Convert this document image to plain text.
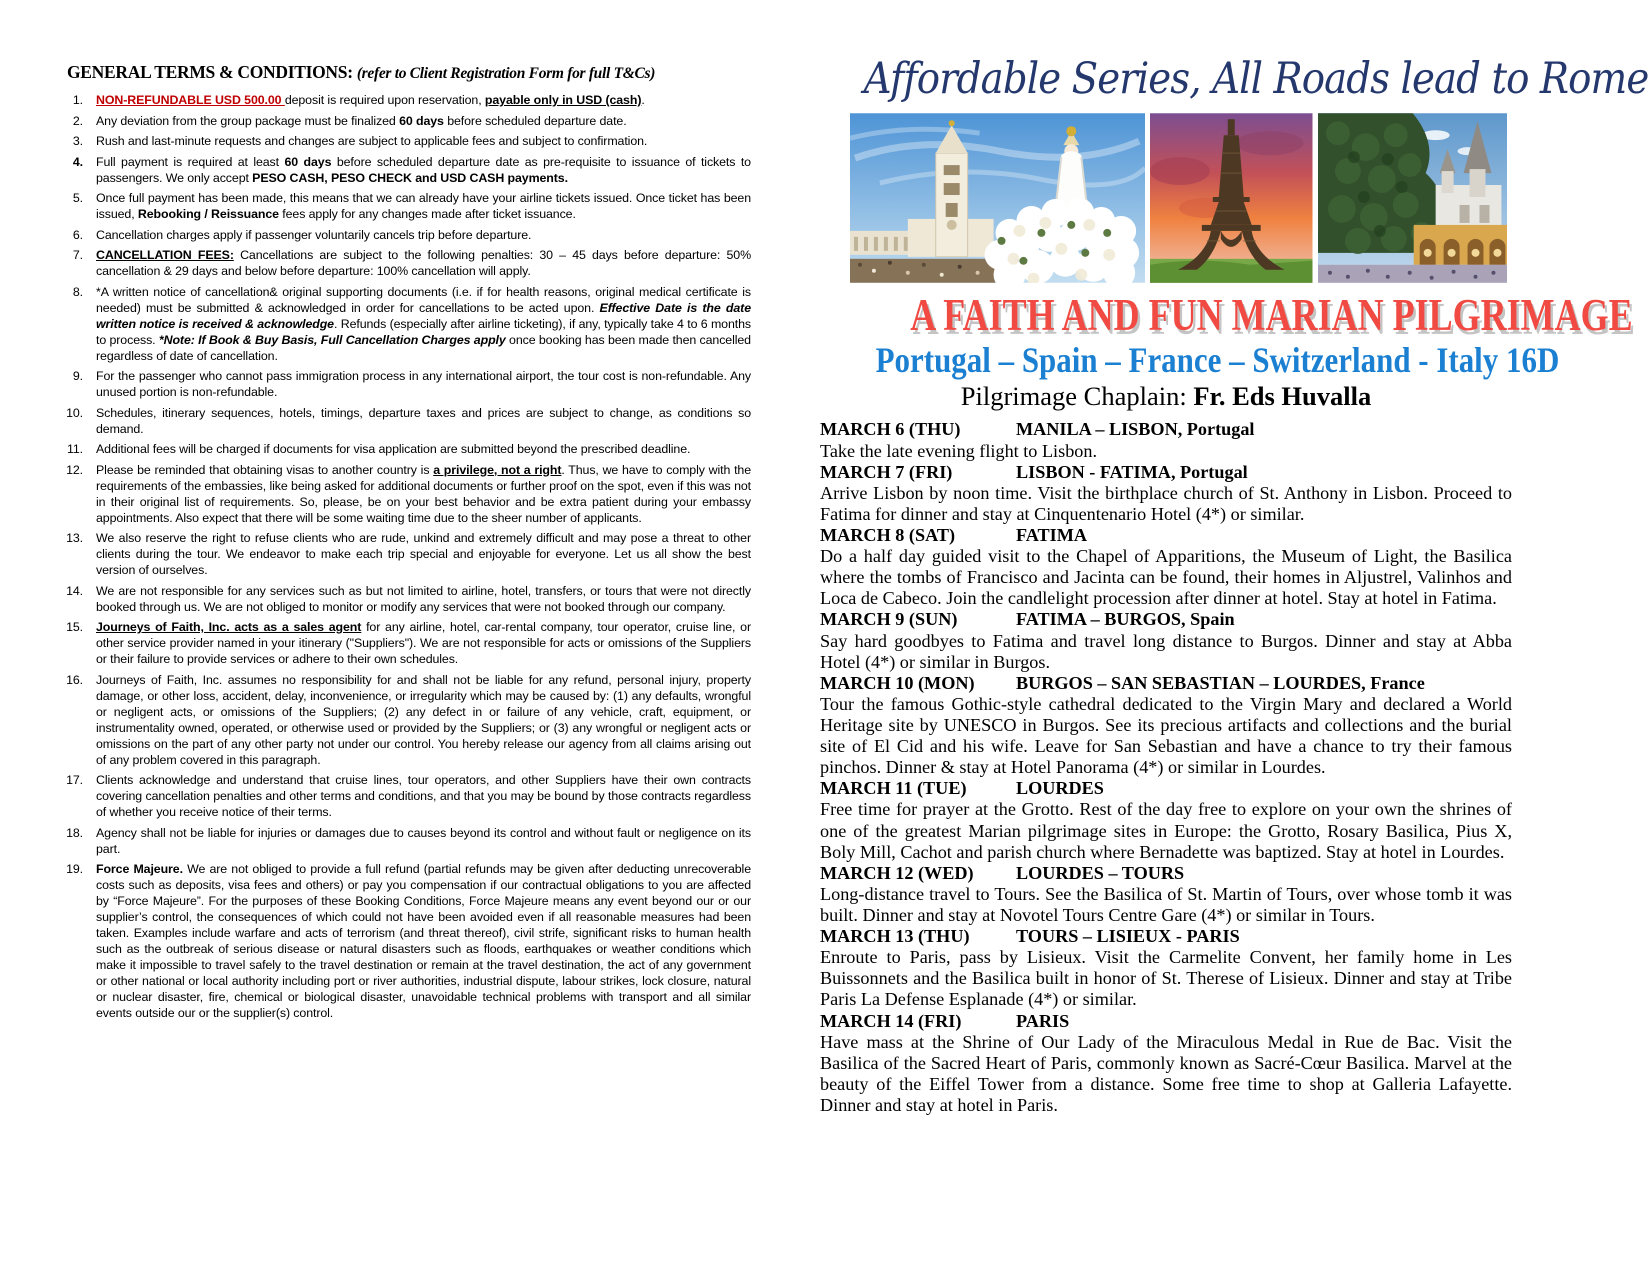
GENERAL TERMS & CONDITIONS: (refer to Client Registration Form for full T&Cs)
1. NON-REFUNDABLE USD 500.00 deposit is required upon reservation, payable only in USD (cash).
2. Any deviation from the group package must be finalized 60 days before scheduled departure date.
3. Rush and last-minute requests and changes are subject to applicable fees and subject to confirmation.
4. Full payment is required at least 60 days before scheduled departure date as pre-requisite to issuance of tickets to passengers. We only accept PESO CASH, PESO CHECK and USD CASH payments.
5. Once full payment has been made, this means that we can already have your airline tickets issued. Once ticket has been issued, Rebooking / Reissuance fees apply for any changes made after ticket issuance.
6. Cancellation charges apply if passenger voluntarily cancels trip before departure.
7. CANCELLATION FEES: Cancellations are subject to the following penalties: 30 – 45 days before departure: 50% cancellation & 29 days and below before departure: 100% cancellation will apply.
8. *A written notice of cancellation& original supporting documents (i.e. if for health reasons, original medical certificate is needed) must be submitted & acknowledged in order for cancellations to be acted upon. Effective Date is the date written notice is received & acknowledge. Refunds (especially after airline ticketing), if any, typically take 4 to 6 months to process. *Note: If Book & Buy Basis, Full Cancellation Charges apply once booking has been made then cancelled regardless of date of cancellation.
9. For the passenger who cannot pass immigration process in any international airport, the tour cost is non-refundable. Any unused portion is non-refundable.
10. Schedules, itinerary sequences, hotels, timings, departure taxes and prices are subject to change, as conditions so demand.
11. Additional fees will be charged if documents for visa application are submitted beyond the prescribed deadline.
12. Please be reminded that obtaining visas to another country is a privilege, not a right. Thus, we have to comply with the requirements of the embassies, like being asked for additional documents or further proof on the spot, even if this was not in their original list of requirements. So, please, be on your best behavior and be extra patient during your embassy appointments. Also expect that there will be some waiting time due to the sheer number of applicants.
13. We also reserve the right to refuse clients who are rude, unkind and extremely difficult and may pose a threat to other clients during the tour. We endeavor to make each trip special and enjoyable for everyone. Let us all show the best version of ourselves.
14. We are not responsible for any services such as but not limited to airline, hotel, transfers, or tours that were not directly booked through us. We are not obliged to monitor or modify any services that were not booked through our company.
15. Journeys of Faith, Inc. acts as a sales agent for any airline, hotel, car-rental company, tour operator, cruise line, or other service provider named in your itinerary ("Suppliers"). We are not responsible for acts or omissions of the Suppliers or their failure to provide services or adhere to their own schedules.
16. Journeys of Faith, Inc. assumes no responsibility for and shall not be liable for any refund, personal injury, property damage, or other loss, accident, delay, inconvenience, or irregularity which may be caused by: (1) any defaults, wrongful or negligent acts, or omissions of the Suppliers; (2) any defect in or failure of any vehicle, craft, equipment, or instrumentality owned, operated, or otherwise used or provided by the Suppliers; or (3) any wrongful or negligent acts or omissions on the part of any other party not under our control. You hereby release our agency from all claims arising out of any problem covered in this paragraph.
17. Clients acknowledge and understand that cruise lines, tour operators, and other Suppliers have their own contracts covering cancellation penalties and other terms and conditions, and that you may be bound by those contracts regardless of whether you receive notice of their terms.
18. Agency shall not be liable for injuries or damages due to causes beyond its control and without fault or negligence on its part.
19. Force Majeure. We are not obliged to provide a full refund (partial refunds may be given after deducting unrecoverable costs such as deposits, visa fees and others) or pay you compensation if our contractual obligations to you are affected by “Force Majeure”. For the purposes of these Booking Conditions, Force Majeure means any event beyond our or our supplier’s control, the consequences of which could not have been avoided even if all reasonable measures had been taken. Examples include warfare and acts of terrorism (and threat thereof), civil strife, significant risks to human health such as the outbreak of serious disease or natural disasters such as floods, earthquakes or weather conditions which make it impossible to travel safely to the travel destination or remain at the travel destination, the act of any government or other national or local authority including port or river authorities, industrial dispute, labour strikes, lock closure, natural or nuclear disaster, fire, chemical or biological disaster, unavoidable technical problems with transport and all similar events outside our or the supplier(s) control.
Affordable Series, All Roads lead to Rome
A FAITH AND FUN MARIAN PILGRIMAGE
Portugal – Spain – France – Switzerland - Italy 16D
Pilgrimage Chaplain: Fr. Eds Huvalla
MARCH 6 (THU)	MANILA – LISBON, Portugal
Take the late evening flight to Lisbon.
MARCH 7 (FRI)	LISBON - FATIMA, Portugal
Arrive Lisbon by noon time. Visit the birthplace church of St. Anthony in Lisbon. Proceed to Fatima for dinner and stay at Cinquentenario Hotel (4*) or similar.
MARCH 8 (SAT)	FATIMA
Do a half day guided visit to the Chapel of Apparitions, the Museum of Light, the Basilica where the tombs of Francisco and Jacinta can be found, their homes in Aljustrel, Valinhos and Loca de Cabeco. Join the candlelight procession after dinner at hotel. Stay at hotel in Fatima.
MARCH 9 (SUN)	FATIMA – BURGOS, Spain
Say hard goodbyes to Fatima and travel long distance to Burgos. Dinner and stay at Abba Hotel (4*) or similar in Burgos.
MARCH 10 (MON) BURGOS – SAN SEBASTIAN – LOURDES, France
Tour the famous Gothic-style cathedral dedicated to the Virgin Mary and declared a World Heritage site by UNESCO in Burgos. See its precious artifacts and collections and the burial site of El Cid and his wife. Leave for San Sebastian and have a chance to try their famous pinchos. Dinner & stay at Hotel Panorama (4*) or similar in Lourdes.
MARCH 11 (TUE)	LOURDES
Free time for prayer at the Grotto. Rest of the day free to explore on your own the shrines of one of the greatest Marian pilgrimage sites in Europe: the Grotto, Rosary Basilica, Pius X, Boly Mill, Cachot and parish church where Bernadette was baptized. Stay at hotel in Lourdes.
MARCH 12 (WED) LOURDES – TOURS
Long-distance travel to Tours. See the Basilica of St. Martin of Tours, over whose tomb it was built. Dinner and stay at Novotel Tours Centre Gare (4*) or similar in Tours.
MARCH 13 (THU)	TOURS – LISIEUX - PARIS
Enroute to Paris, pass by Lisieux. Visit the Carmelite Convent, her family home in Les Buissonnets and the Basilica built in honor of St. Therese of Lisieux. Dinner and stay at Tribe Paris La Defense Esplanade (4*) or similar.
MARCH 14 (FRI)	PARIS
Have mass at the Shrine of Our Lady of the Miraculous Medal in Rue de Bac. Visit the Basilica of the Sacred Heart of Paris, commonly known as Sacré-Cœur Basilica. Marvel at the beauty of the Eiffel Tower from a distance. Some free time to shop at Galleria Lafayette. Dinner and stay at hotel in Paris.
